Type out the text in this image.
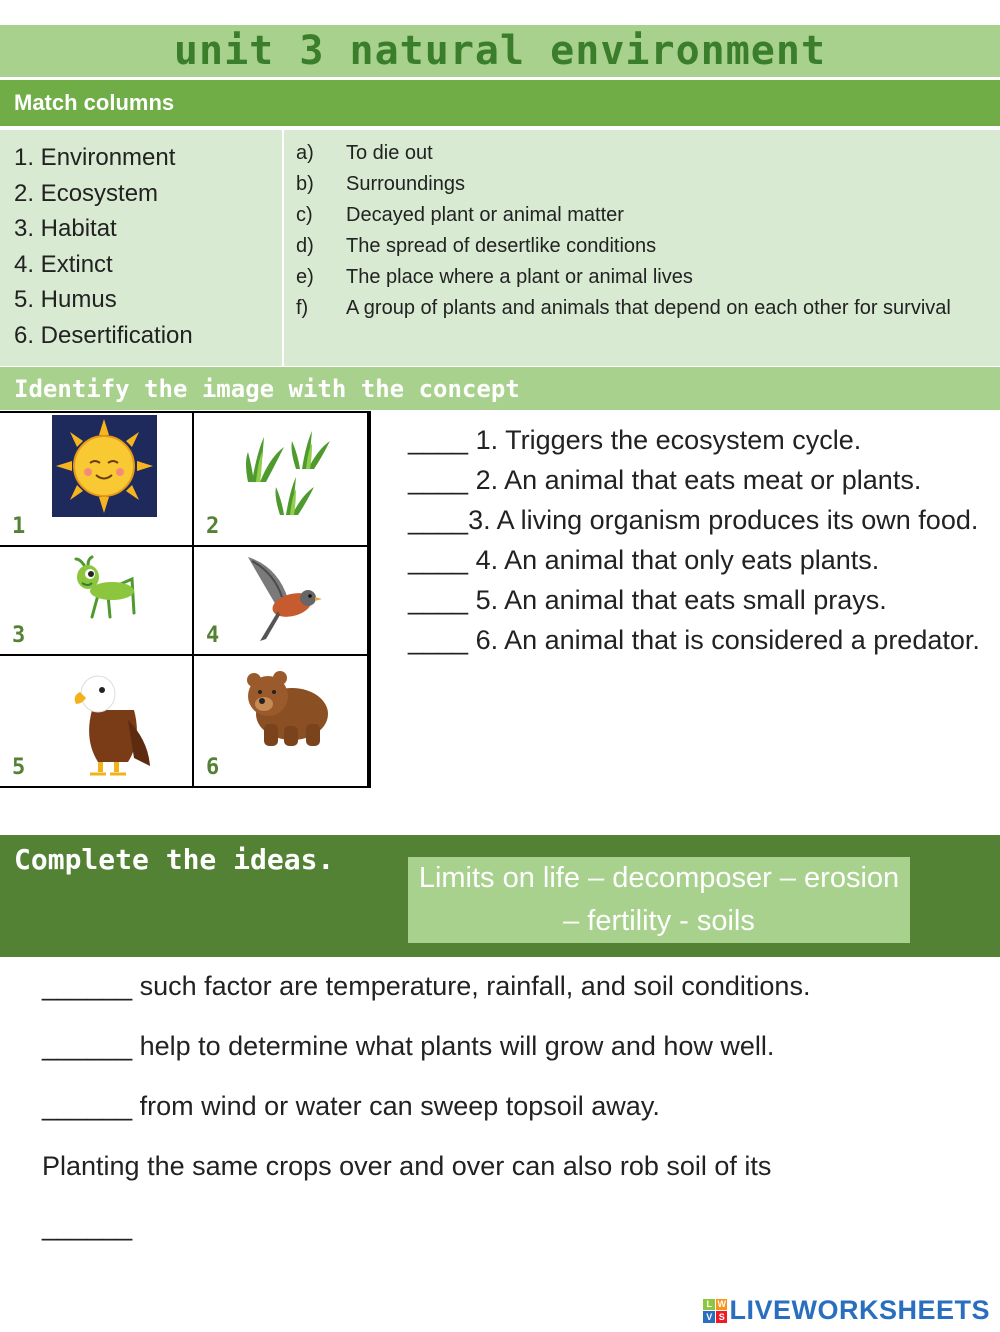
unit 3 natural environment
Match columns
1. Environment
2. Ecosystem
3. Habitat
4. Extinct
5. Humus
6. Desertification
a)	To die out
b)	Surroundings
c)	Decayed plant or animal matter
d)	The spread of desertlike conditions
e)	The place where a plant or animal lives
f)	A group of plants and animals that depend on each other for survival
Identify the image with the concept
1	2
3	4
5	6

____ 1. Triggers the ecosystem cycle.

____ 2. An animal that eats meat or plants.

____3. A living organism produces its own food.

____ 4. An animal that only eats plants.

____ 5. An animal that eats small prays.

____ 6. An animal that is considered a predator.

Complete the ideas.
Limits on life – decomposer – erosion – fertility - soils

______ such factor are temperature, rainfall, and soil conditions.

______ help to determine what plants will grow and how well.

______ from wind or water can sweep topsoil away.

Planting the same crops over and over can also rob soil of its

______

L W
V S LIVEWORKSHEETS
